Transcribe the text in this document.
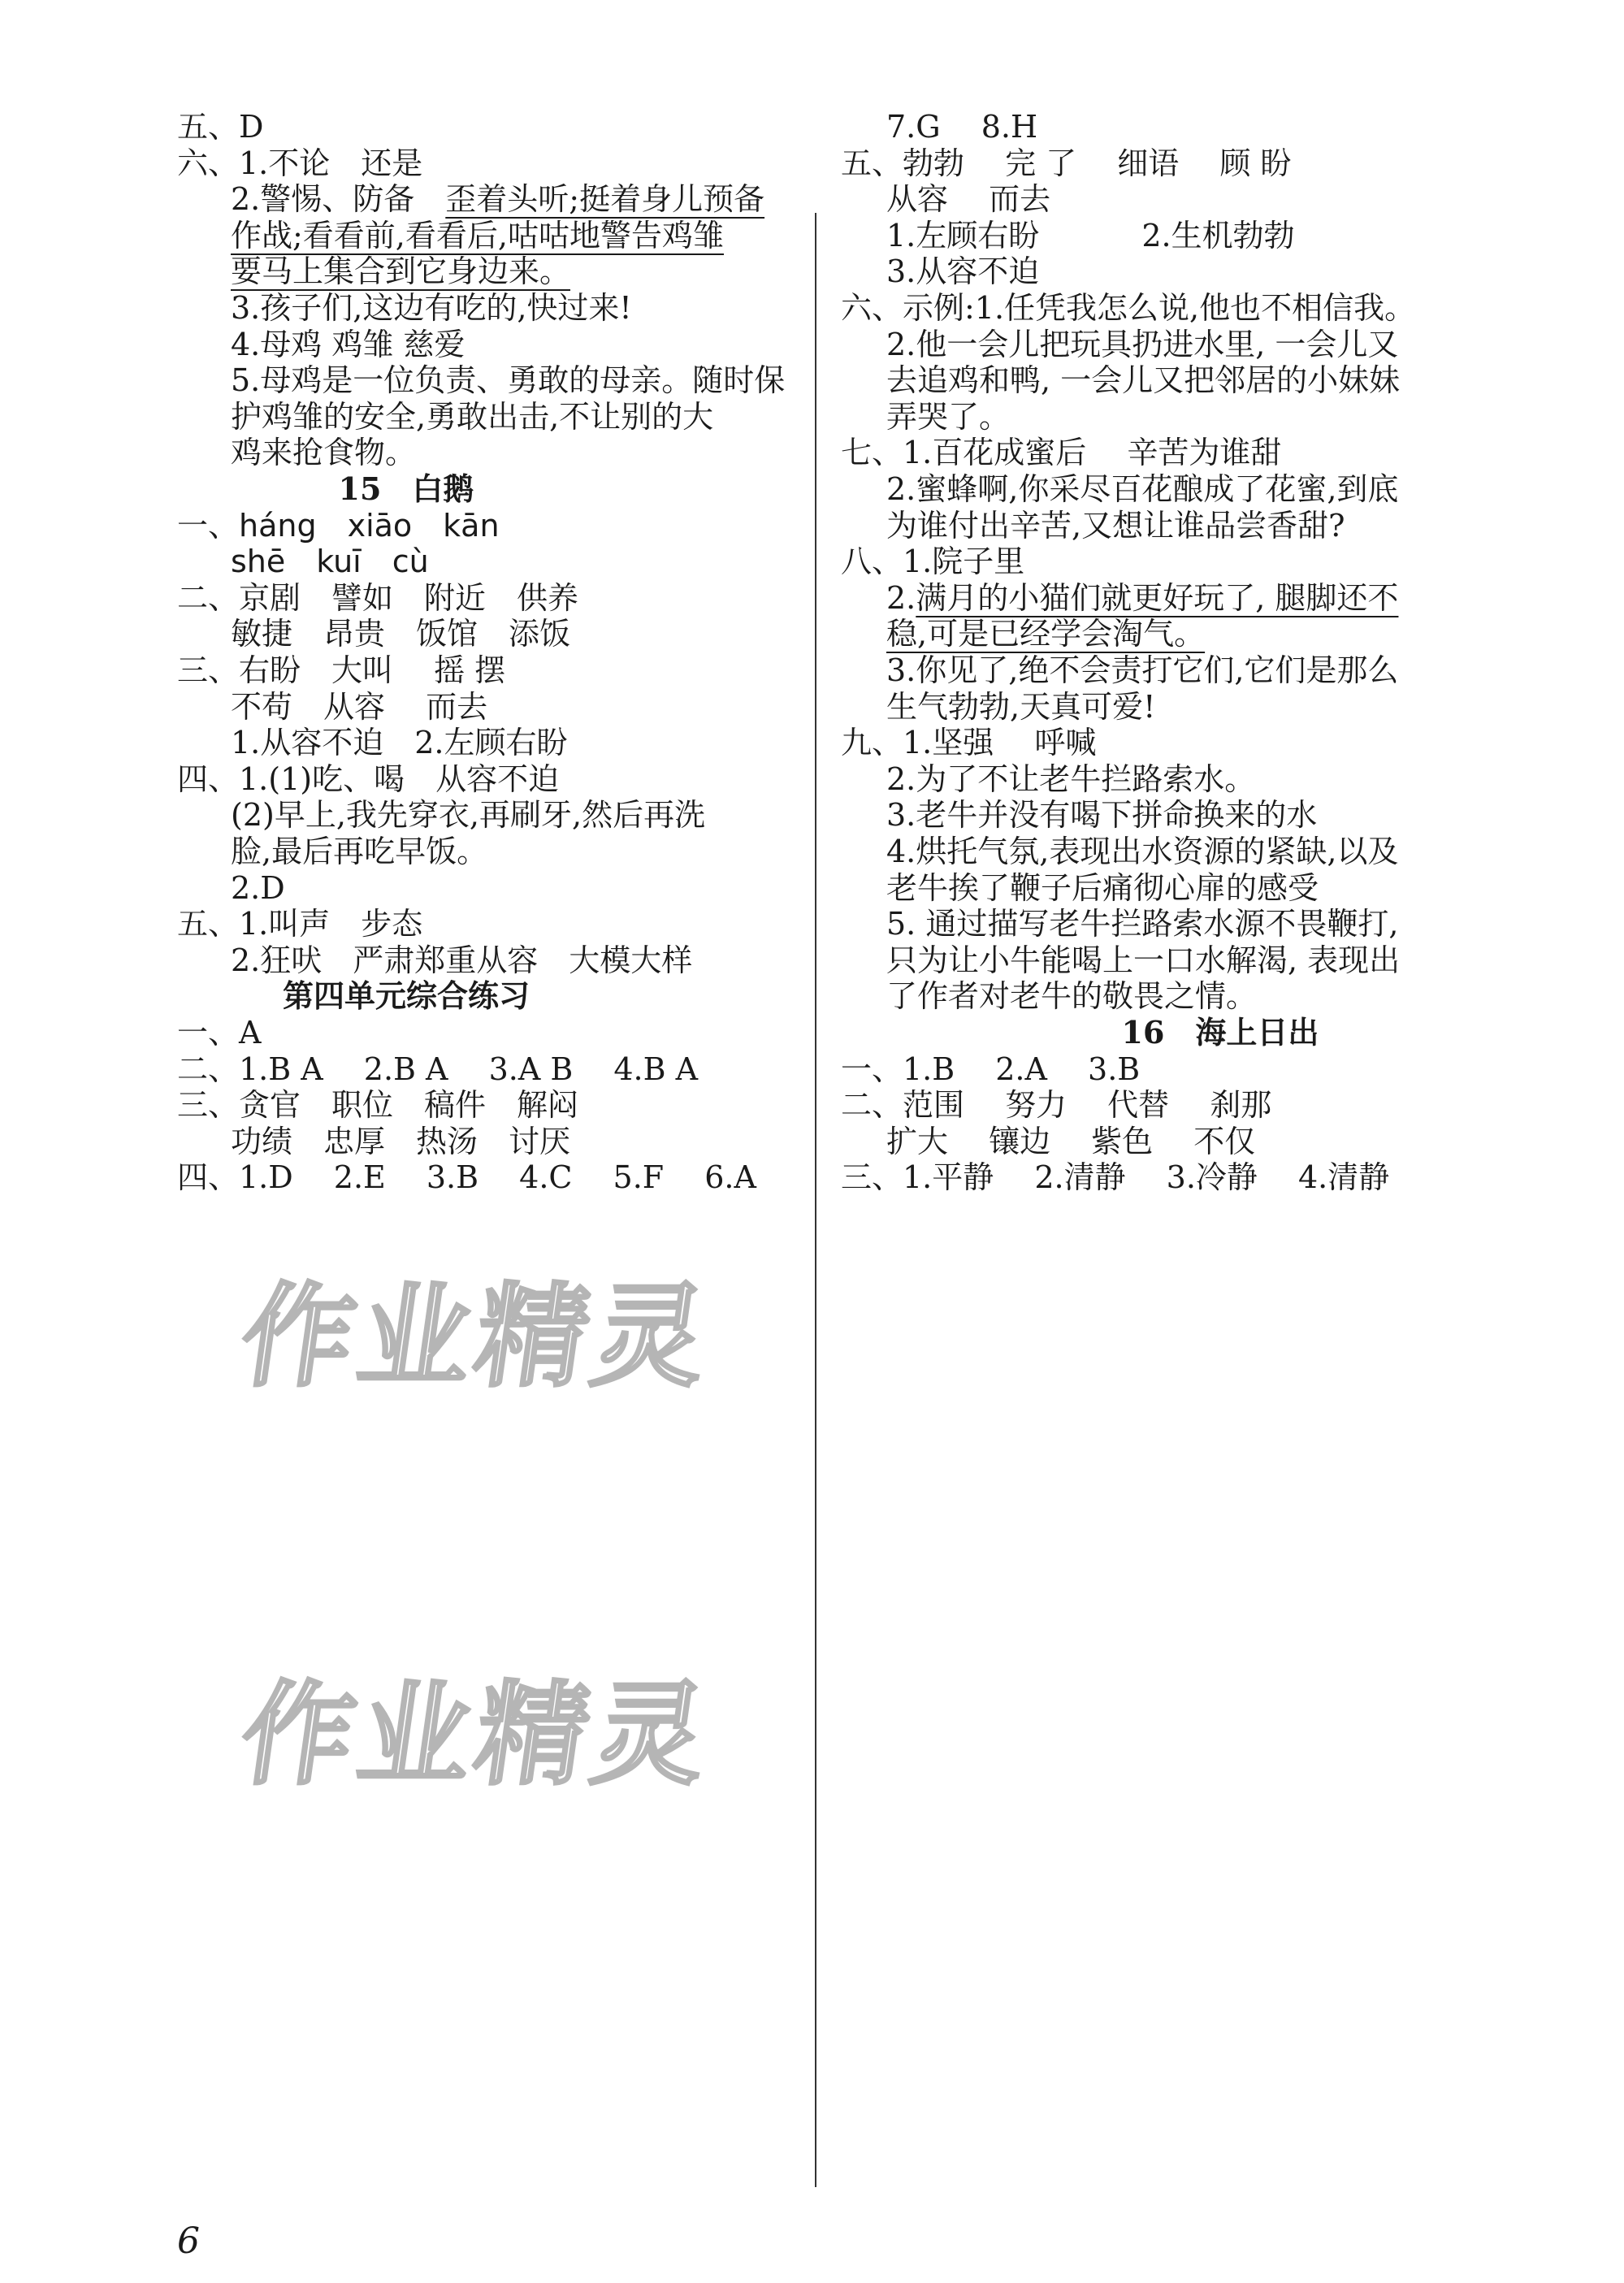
五、D
六、1.不论　还是
2.警惕、防备　歪着头听;挺着身儿预备
作战;看看前,看看后,咕咕地警告鸡雏
要马上集合到它身边来。
3.孩子们,这边有吃的,快过来!
4.母鸡 鸡雏 慈爱
5.母鸡是一位负责、勇敢的母亲。随时保
护鸡雏的安全,勇敢出击,不让别的大
鸡来抢食物。
15　白鹅
一、háng　xiāo　kān
shē　kuī　cù
二、京剧　譬如　附近　供养
敏捷　昂贵　饭馆　添饭
三、右盼　大叫　 摇 摆
不苟　从容　 而去
1.从容不迫　2.左顾右盼
四、1.(1)吃、喝　从容不迫
(2)早上,我先穿衣,再刷牙,然后再洗
脸,最后再吃早饭。
2.D
五、1.叫声　步态
2.狂吠　严肃郑重从容　大模大样
第四单元综合练习
一、A
二、1.B A　 2.B A　 3.A B　 4.B A
三、贪官　职位　稿件　解闷
功绩　忠厚　热汤　讨厌
四、1.D　 2.E　 3.B　 4.C　 5.F　 6.A
7.G　 8.H
五、勃勃　 完 了　 细语　 顾 盼
从容　 而去
1.左顾右盼　　　 2.生机勃勃
3.从容不迫
六、示例:1.任凭我怎么说,他也不相信我。
2.他一会儿把玩具扔进水里, 一会儿又
去追鸡和鸭, 一会儿又把邻居的小妹妹
弄哭了。
七、1.百花成蜜后　 辛苦为谁甜
2.蜜蜂啊,你采尽百花酿成了花蜜,到底
为谁付出辛苦,又想让谁品尝香甜?
八、1.院子里
2.满月的小猫们就更好玩了, 腿脚还不
稳,可是已经学会淘气。
3.你见了,绝不会责打它们,它们是那么
生气勃勃,天真可爱!
九、1.坚强　 呼喊
2.为了不让老牛拦路索水。
3.老牛并没有喝下拼命换来的水
4.烘托气氛,表现出水资源的紧缺,以及
老牛挨了鞭子后痛彻心扉的感受
5. 通过描写老牛拦路索水源不畏鞭打,
只为让小牛能喝上一口水解渴, 表现出
了作者对老牛的敬畏之情。
16　海上日出
一、1.B　 2.A　 3.B
二、范围　 努力　 代替　 刹那
扩大　 镶边　 紫色　 不仅
三、1.平静　 2.清静　 3.冷静　 4.清静
6
作业精灵
作业精灵
